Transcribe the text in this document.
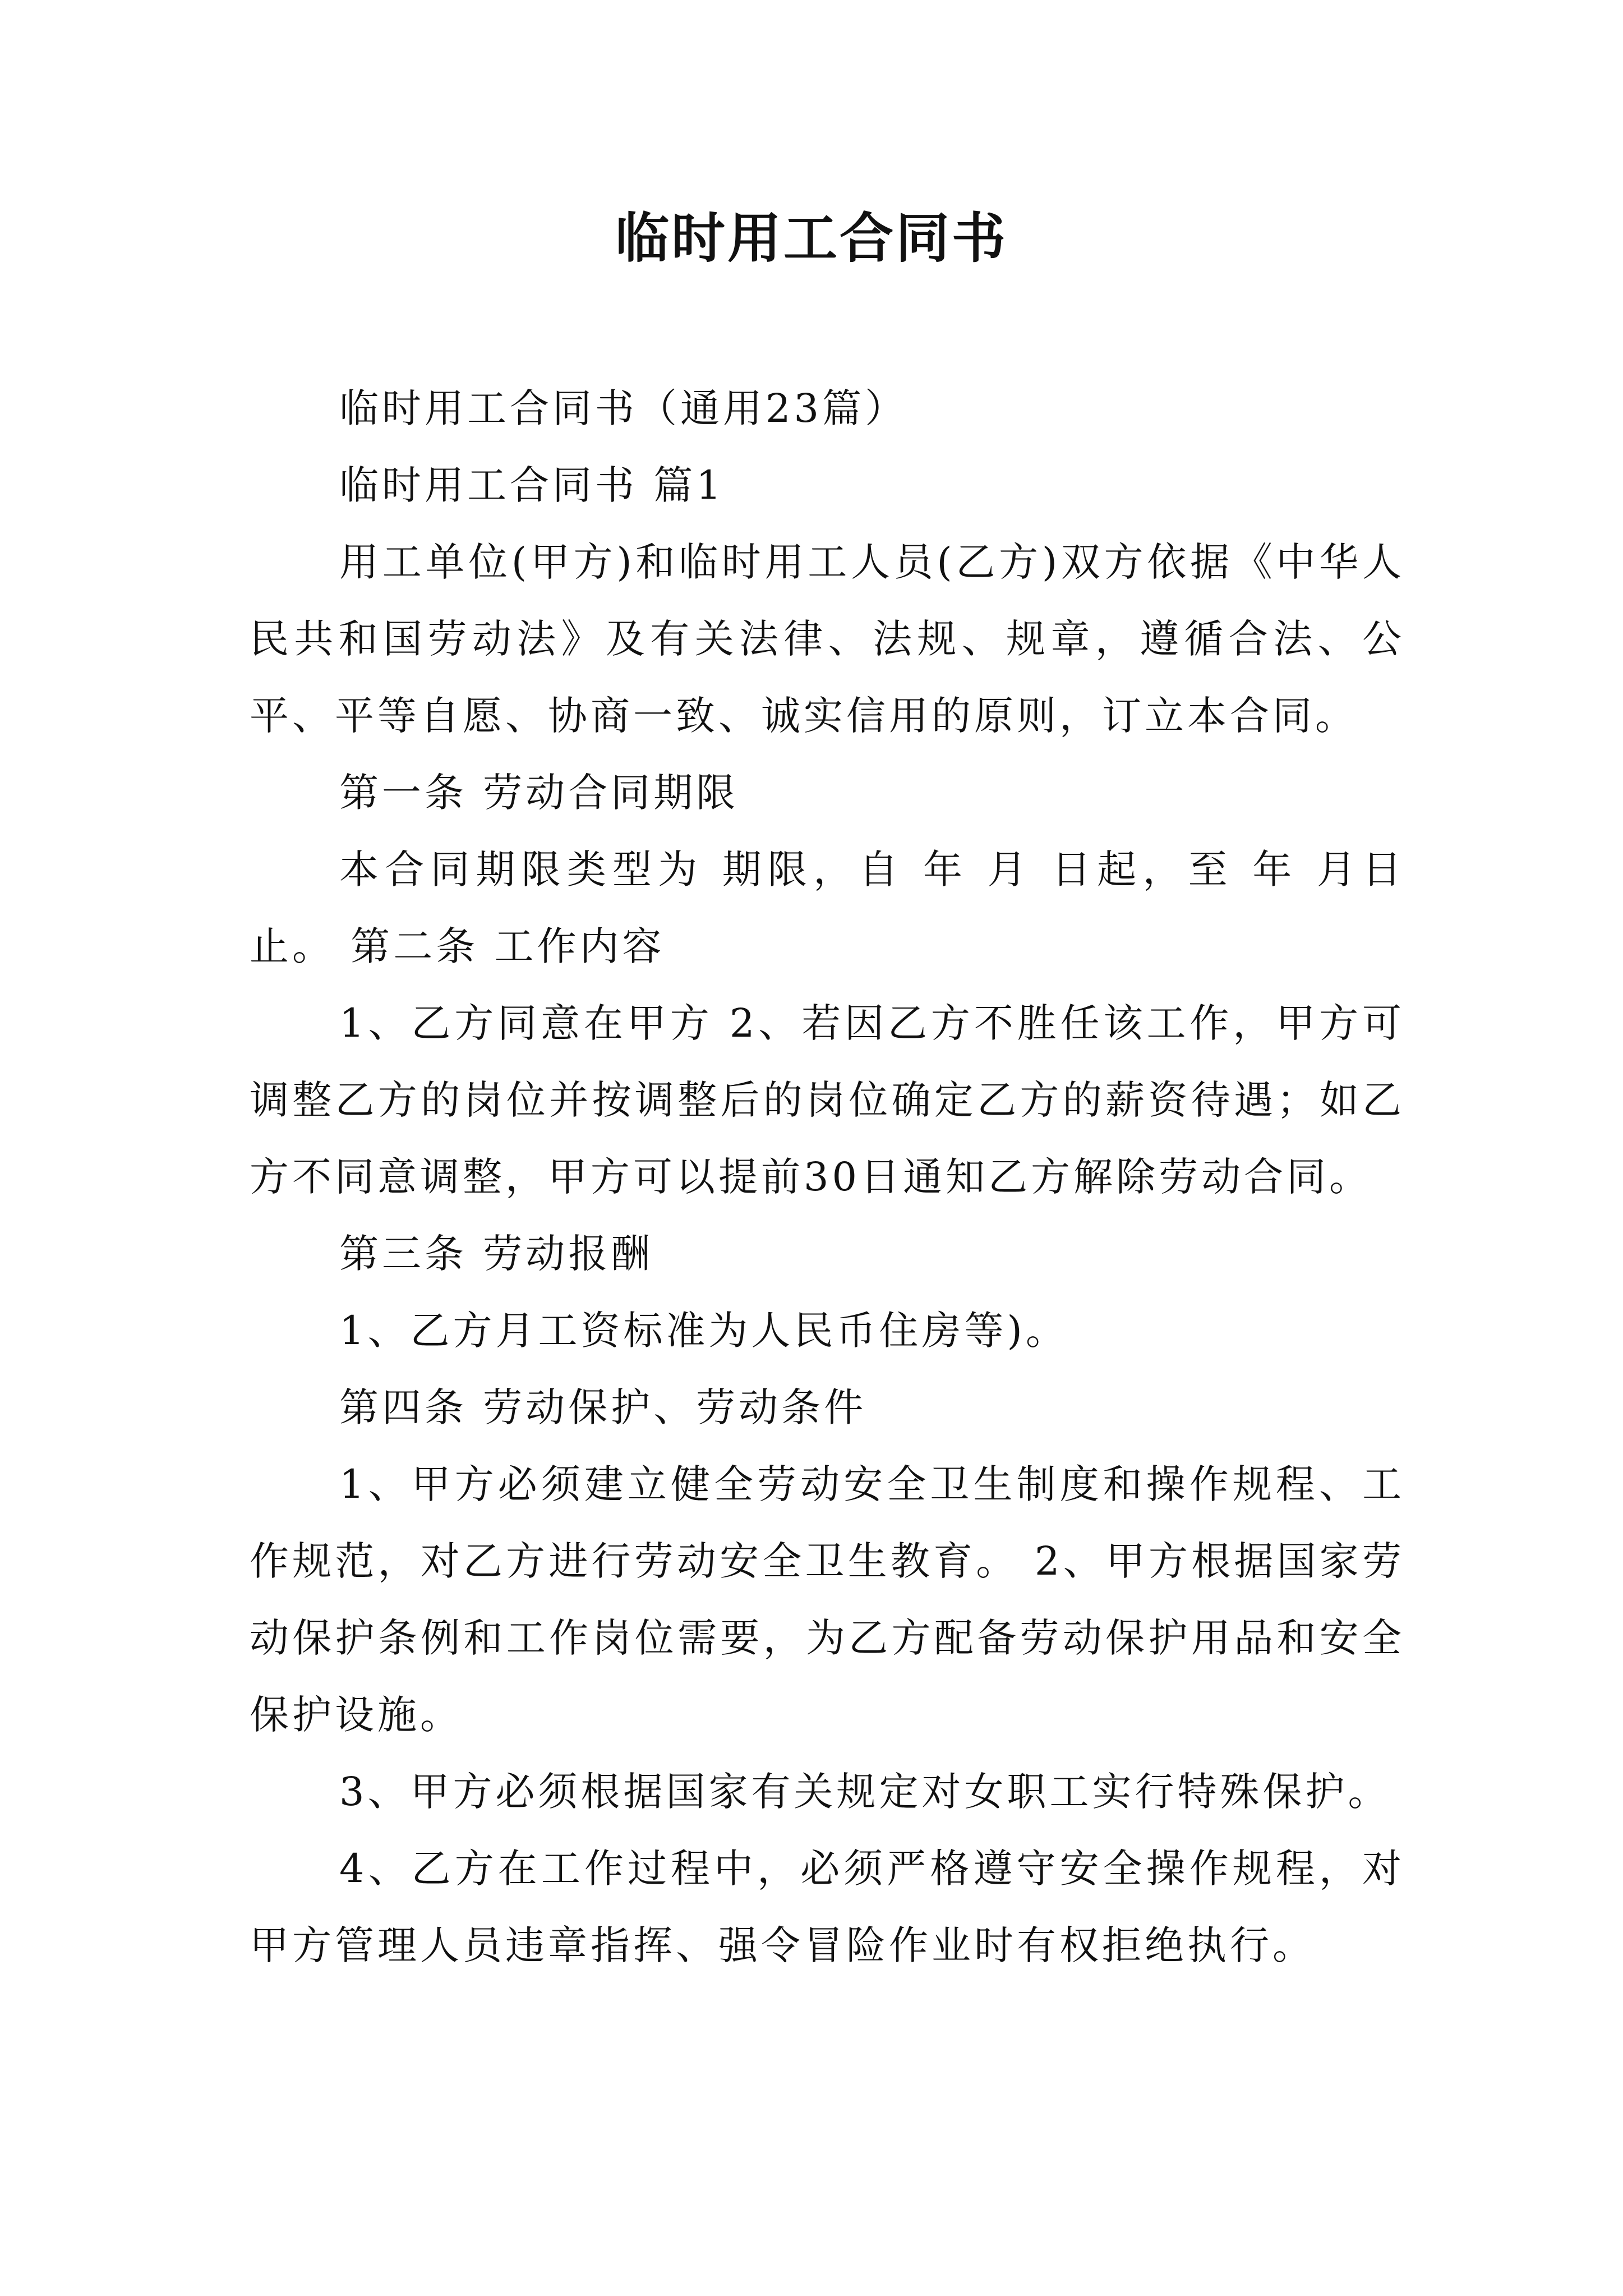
临时用工合同书

临时用工合同书（通用23篇）

临时用工合同书 篇1

用工单位(甲方)和临时用工人员(乙方)双方依据《中华人民共和国劳动法》及有关法律、法规、规章，遵循合法、公平、平等自愿、协商一致、诚实信用的原则，订立本合同。

第一条 劳动合同期限

本合同期限类型为 期限，自 年 月 日起，至 年 月日止。 第二条 工作内容

1、乙方同意在甲方 2、若因乙方不胜任该工作，甲方可调整乙方的岗位并按调整后的岗位确定乙方的薪资待遇；如乙方不同意调整，甲方可以提前30日通知乙方解除劳动合同。

第三条 劳动报酬

1、乙方月工资标准为人民币住房等)。

第四条 劳动保护、劳动条件

1、甲方必须建立健全劳动安全卫生制度和操作规程、工作规范，对乙方进行劳动安全卫生教育。 2、甲方根据国家劳动保护条例和工作岗位需要，为乙方配备劳动保护用品和安全保护设施。

3、甲方必须根据国家有关规定对女职工实行特殊保护。

4、乙方在工作过程中，必须严格遵守安全操作规程，对甲方管理人员违章指挥、强令冒险作业时有权拒绝执行。
